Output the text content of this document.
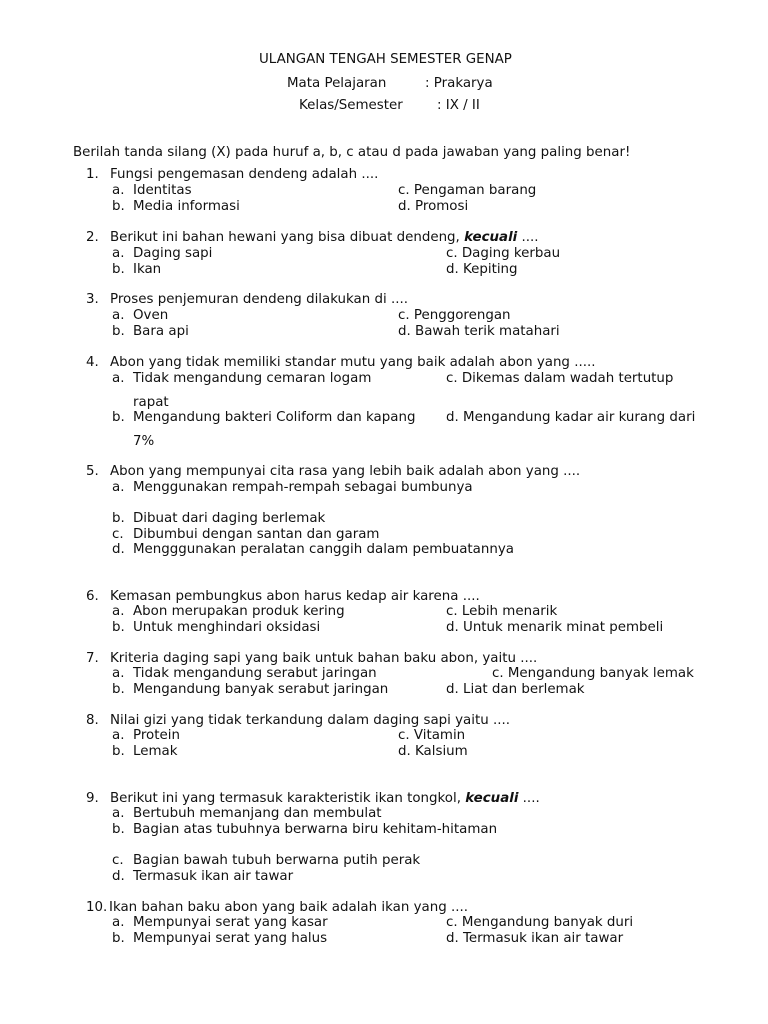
ULANGAN TENGAH SEMESTER GENAP
Mata Pelajaran	: Prakarya
Kelas/Semester	: IX / II
Berilah tanda silang (X) pada huruf a, b, c atau d pada jawaban yang paling benar!
1. Fungsi pengemasan dendeng adalah ....
a. Identitas	c. Pengaman barang
b. Media informasi	d. Promosi
2. Berikut ini bahan hewani yang bisa dibuat dendeng, kecuali ....
a. Daging sapi	c. Daging kerbau
b. Ikan	d. Kepiting
3. Proses penjemuran dendeng dilakukan di ....
a. Oven	c. Penggorengan
b. Bara api	d. Bawah terik matahari
4. Abon yang tidak memiliki standar mutu yang baik adalah abon yang .....
a. Tidak mengandung cemaran logam	c. Dikemas dalam wadah tertutup
rapat
b. Mengandung bakteri Coliform dan kapang d. Mengandung kadar air kurang dari
7%
5. Abon yang mempunyai cita rasa yang lebih baik adalah abon yang ....
a. Menggunakan rempah-rempah sebagai bumbunya
b. Dibuat dari daging berlemak
c. Dibumbui dengan santan dan garam
d. Mengggunakan peralatan canggih dalam pembuatannya
6. Kemasan pembungkus abon harus kedap air karena ....
a. Abon merupakan produk kering	c. Lebih menarik
b. Untuk menghindari oksidasi	d. Untuk menarik minat pembeli
7. Kriteria daging sapi yang baik untuk bahan baku abon, yaitu ....
a. Tidak mengandung serabut jaringan	c. Mengandung banyak lemak
b. Mengandung banyak serabut jaringan	d. Liat dan berlemak
8. Nilai gizi yang tidak terkandung dalam daging sapi yaitu ....
a. Protein	c. Vitamin
b. Lemak	d. Kalsium
9. Berikut ini yang termasuk karakteristik ikan tongkol, kecuali ....
a. Bertubuh memanjang dan membulat
b. Bagian atas tubuhnya berwarna biru kehitam-hitaman
c. Bagian bawah tubuh berwarna putih perak
d. Termasuk ikan air tawar
10. Ikan bahan baku abon yang baik adalah ikan yang ....
a. Mempunyai serat yang kasar	c. Mengandung banyak duri
b. Mempunyai serat yang halus	d. Termasuk ikan air tawar
